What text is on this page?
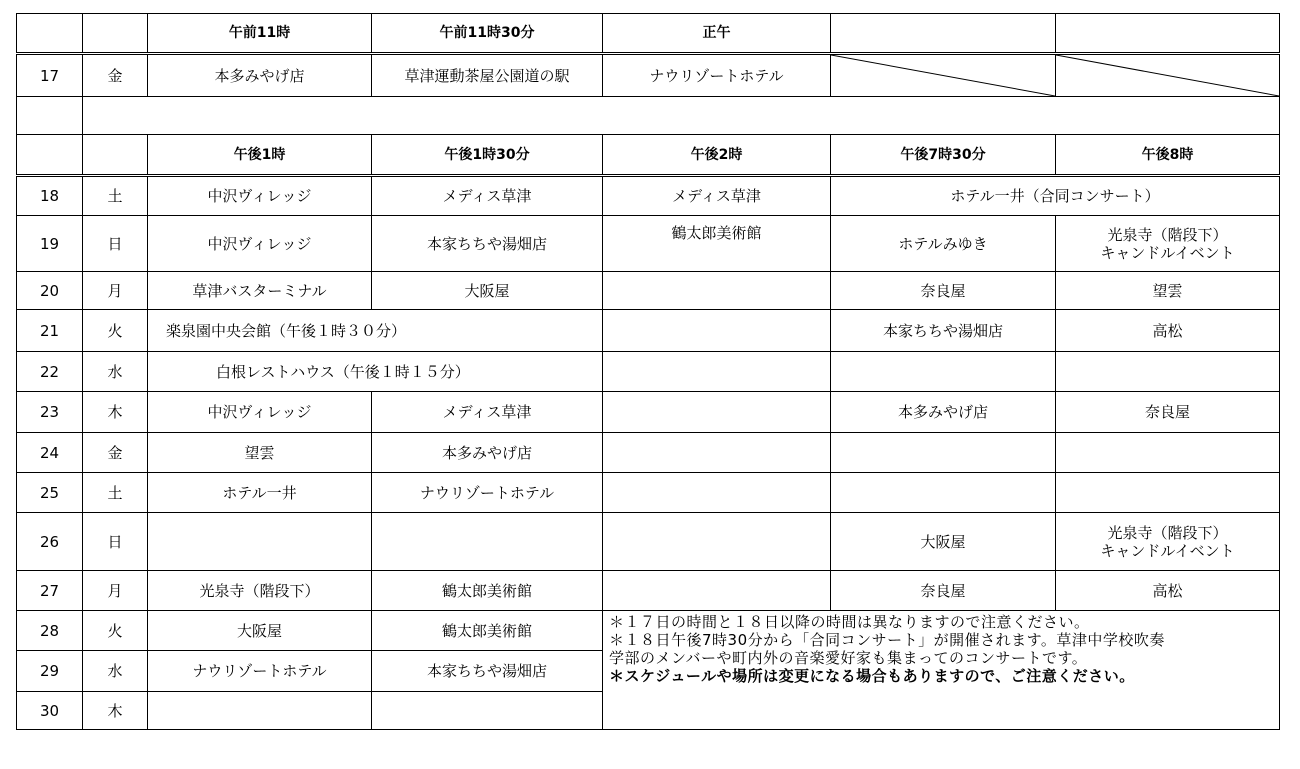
		午前11時	午前11時30分	正午		
17	金	本多みやげ店	草津運動茶屋公園道の駅	ナウリゾートホテル	

		午後1時	午後1時30分	午後2時	午後7時30分	午後8時
18	土	中沢ヴィレッジ	メディス草津	メディス草津	ホテル一井（合同コンサート）	
19	日	中沢ヴィレッジ	本家ちちや湯畑店	鶴太郎美術館	ホテルみゆき	光泉寺（階段下）
キャンドルイベント

20	月	草津バスターミナル	大阪屋		奈良屋	望雲
21	火	楽泉園中央会館（午後１時３０分）			本家ちちや湯畑店	高松
22	水	白根レストハウス（午後１時１５分）				
23	木	中沢ヴィレッジ	メディス草津		本多みやげ店	奈良屋
24	金	望雲	本多みやげ店			
25	土	ホテル一井	ナウリゾートホテル			
26	日				大阪屋	光泉寺（階段下）
キャンドルイベント

27	月	光泉寺（階段下）	鶴太郎美術館		奈良屋	高松
28	火	大阪屋	鶴太郎美術館	＊１７日の時間と１８日以降の時間は異なりますので注意ください。
＊１８日午後7時30分から「合同コンサート」が開催されます。草津中学校吹奏
学部のメンバーや町内外の音楽愛好家も集まってのコンサートです。
＊スケジュールや場所は変更になる場合もありますので、ご注意ください。		

29	水	ナウリゾートホテル	本家ちちや湯畑店			
30	木					
